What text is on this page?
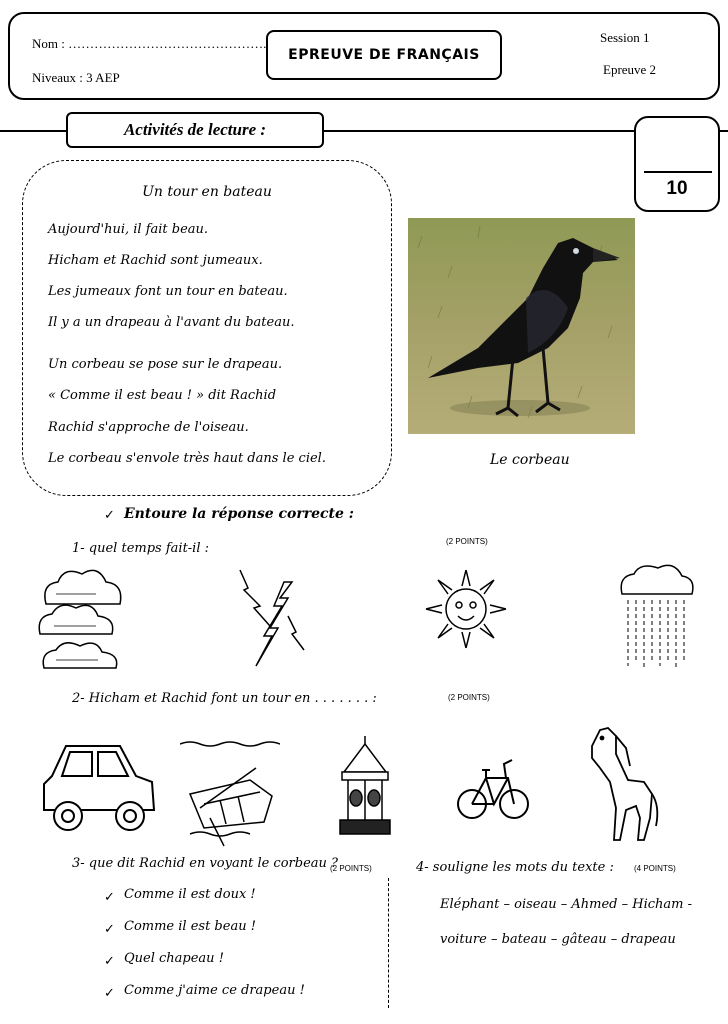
Nom : ……………………………………….
Niveaux : 3 AEP
EPREUVE DE FRANÇAIS
Session 1
Epreuve 2
Activités de lecture :
10
Un tour en bateau
Aujourd'hui, il fait beau.
Hicham et Rachid sont jumeaux.
Les jumeaux font un tour en bateau.
Il y a un drapeau à l'avant du bateau.
Un corbeau se pose sur le drapeau.
« Comme il est beau ! » dit Rachid
Rachid s'approche de l'oiseau.
Le corbeau s'envole très haut dans le ciel.	Le corbeau
✓ Entoure la réponse correcte :
1- quel temps fait-il :	(2 POINTS)
2- Hicham et Rachid font un tour en . . . . . . . :	(2 POINTS)
3- que dit Rachid en voyant le corbeau ?
(2 POINTS)
✓ Comme il est doux !
✓ Comme il est beau !
✓ Quel chapeau !
✓ Comme j'aime ce drapeau !
4- souligne les mots du texte :	(4 POINTS)
Eléphant – oiseau – Ahmed – Hicham -
voiture – bateau – gâteau – drapeau
